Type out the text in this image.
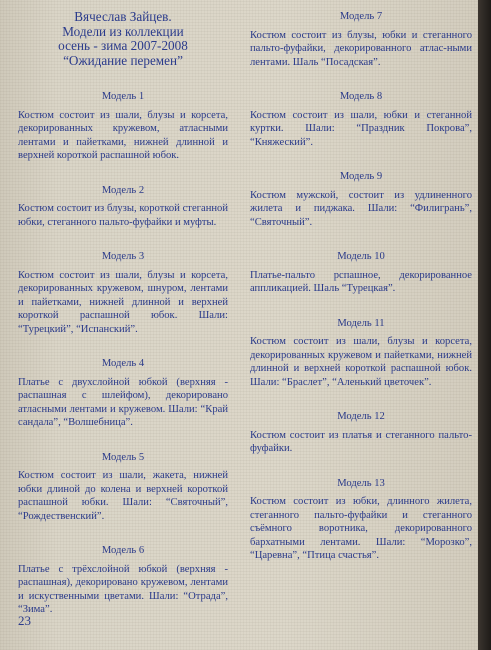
Вячеслав Зайцев.
Модели из коллекции
осень - зима 2007-2008
“Ожидание перемен”
Модель 1

Костюм состоит из шали, блузы и корсета, декорированных кружевом, атласными лентами и пайетками, нижней длинной и верхней короткой распашной юбок.

Модель 2

Костюм состоит из блузы, короткой стеганной юбки, стеганного пальто-фуфайки и муфты.

Модель 3

Костюм состоит из шали, блузы и корсета, декорированных кружевом, шнуром, лентами и пайетками, нижней длинной и верхней короткой распашной юбок. Шали: “Турецкий”, “Испанский”.

Модель 4

Платье с двухслойной юбкой (верхняя - распашная с шлейфом), декорировано атласными лентами и кружевом. Шали: “Край сандала”, “Волшебница”.

Модель 5

Костюм состоит из шали, жакета, нижней юбки длиной до колена и верхней короткой распашной юбки. Шали: “Святочный”, “Рождественский”.

Модель 6

Платье с трёхслойной юбкой (верхняя - распашная), декорировано кружевом, лентами и искуственными цветами. Шали: “Отрада”, “Зима”.

Модель 7

Костюм состоит из блузы, юбки и стеганного пальто-фуфайки, декорированного атлас-ными лентами. Шаль “Посадская”.

Модель 8

Костюм состоит из шали, юбки и стеганной куртки. Шали: “Праздник Покрова”, “Княжеский”.

Модель 9

Костюм мужской, состоит из удлиненного жилета и пиджака. Шали: “Филигрань”, “Святочный”.

Модель 10

Платье-пальто рспашное, декорированное аппликацией. Шаль “Турецкая”.

Модель 11

Костюм состоит из шали, блузы и корсета, декорированных кружевом и пайетками, нижней длинной и верхней короткой распашной юбок. Шали: “Браслет”, “Аленький цветочек”.

Модель 12

Костюм состоит из платья и стеганного пальто-фуфайки.

Модель 13

Костюм состоит из юбки, длинного жилета, стеганного пальто-фуфайки и стеганного съёмного воротника, декорированного бархатными лентами. Шали: “Морозко”, “Царевна”, “Птица счастья”.

23
